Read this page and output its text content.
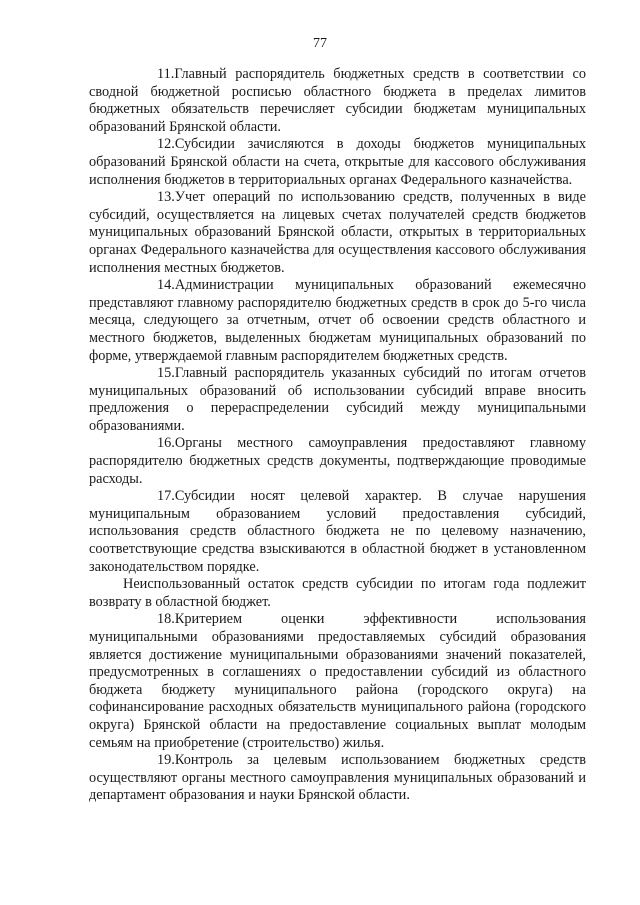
77

11.Главный распорядитель бюджетных средств в соответствии со сводной бюджетной росписью областного бюджета в пределах лимитов бюджетных обязательств перечисляет субсидии бюджетам муниципальных образований Брянской области.

12.Субсидии зачисляются в доходы бюджетов муниципальных образований Брянской области на счета, открытые для кассового обслуживания исполнения бюджетов в территориальных органах Федерального казначейства.

13.Учет операций по использованию средств, полученных в виде субсидий, осуществляется на лицевых счетах получателей средств бюджетов муниципальных образований Брянской области, открытых в территориальных органах Федерального казначейства для осуществления кассового обслуживания исполнения местных бюджетов.

14.Администрации муниципальных образований ежемесячно представляют главному распорядителю бюджетных средств в срок до 5-го числа месяца, следующего за отчетным, отчет об освоении средств областного и местного бюджетов, выделенных бюджетам муниципальных образований по форме, утверждаемой главным распорядителем бюджетных средств.

15.Главный распорядитель указанных субсидий по итогам отчетов муниципальных образований об использовании субсидий вправе вносить предложения о перераспределении субсидий между муниципальными образованиями.

16.Органы местного самоуправления предоставляют главному распорядителю бюджетных средств документы, подтверждающие проводимые расходы.

17.Субсидии носят целевой характер. В случае нарушения муниципальным образованием условий предоставления субсидий, использования средств областного бюджета не по целевому назначению, соответствующие средства взыскиваются в областной бюджет в установленном законодательством порядке.

Неиспользованный остаток средств субсидии по итогам года подлежит возврату в областной бюджет.

18.Критерием оценки эффективности использования муниципальными образованиями предоставляемых субсидий образования является достижение муниципальными образованиями значений показателей, предусмотренных в соглашениях о предоставлении субсидий из областного бюджета бюджету муниципального района (городского округа) на софинансирование расходных обязательств муниципального района (городского округа) Брянской области на предоставление социальных выплат молодым семьям на приобретение (строительство) жилья.

19.Контроль за целевым использованием бюджетных средств осуществляют органы местного самоуправления муниципальных образований и департамент образования и науки Брянской области.
